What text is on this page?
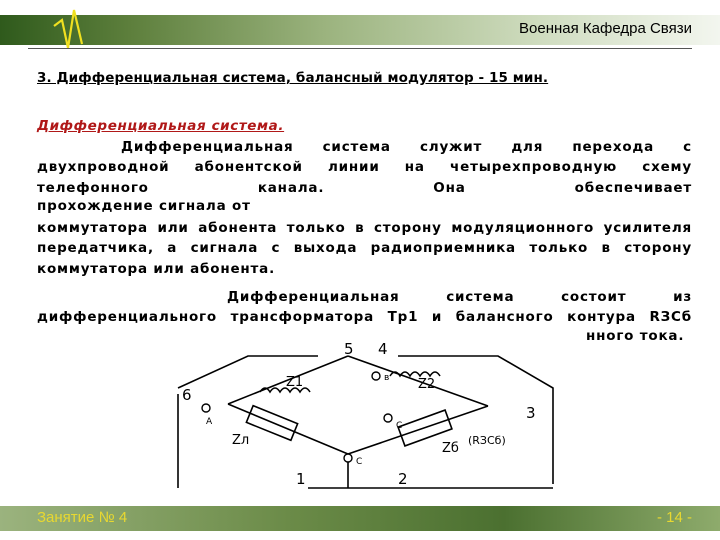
Военная Кафедра Связи
3. Дифференциальная система, балансный модулятор - 15 мин.
Дифференциальная система.
Дифференциальная система служит для перехода с двухпроводной абонентской линии на четырехпроводную схему телефонного канала. Она обеспечивает
прохождение сигнала от
коммутатора или абонента только в сторону модуляционного усилителя передатчика, а сигнала с выхода радиоприемника только в сторону коммутатора или абонента.
Дифференциальная система состоит из дифференциального трансформатора Тр1 и балансного контура RЗСб
1	2
3
4
5
6
Z1	Z2
Zл
Zб
(RЗСб)
А
в
С
С
нного тока.
Занятие № 4	- 14 -
